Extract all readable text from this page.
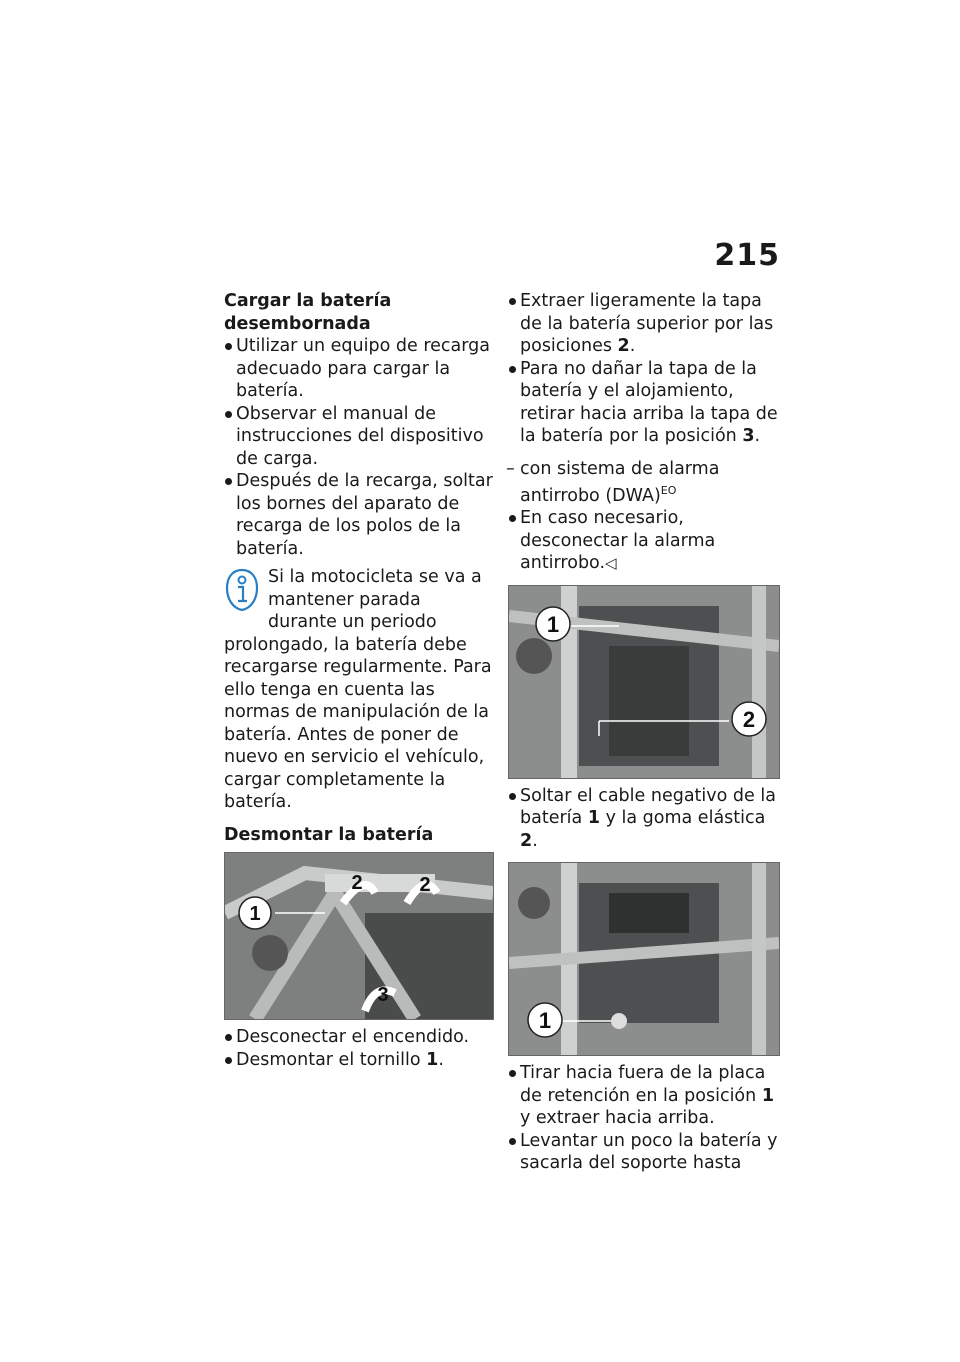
215
Cargar la batería desembornada

Utilizar un equipo de recarga adecuado para cargar la batería.

Observar el manual de instrucciones del dispositivo de carga.

Después de la recarga, soltar los bornes del aparato de recarga de los polos de la batería.

Si la motocicleta se va a mantener parada durante un periodo prolongado, la batería debe recargarse regularmente. Para ello tenga en cuenta las normas de manipulación de la batería. Antes de poner de nuevo en servicio el vehículo, cargar completamente la batería.
Desmontar la batería
1
2	2
3

Desconectar el encendido.

Desmontar el tornillo 1.

Extraer ligeramente la tapa de la batería superior por las posiciones 2.

Para no dañar la tapa de la batería y el alojamiento, retirar hacia arriba la tapa de la batería por la posición 3.

– con sistema de alarma antirrobo (DWA)$^{EO}$

En caso necesario, desconectar la alarma antirrobo.◁

1
2

Soltar el cable negativo de la batería 1 y la goma elástica 2.

1

Tirar hacia fuera de la placa de retención en la posición 1 y extraer hacia arriba.

Levantar un poco la batería y sacarla del soporte hasta
